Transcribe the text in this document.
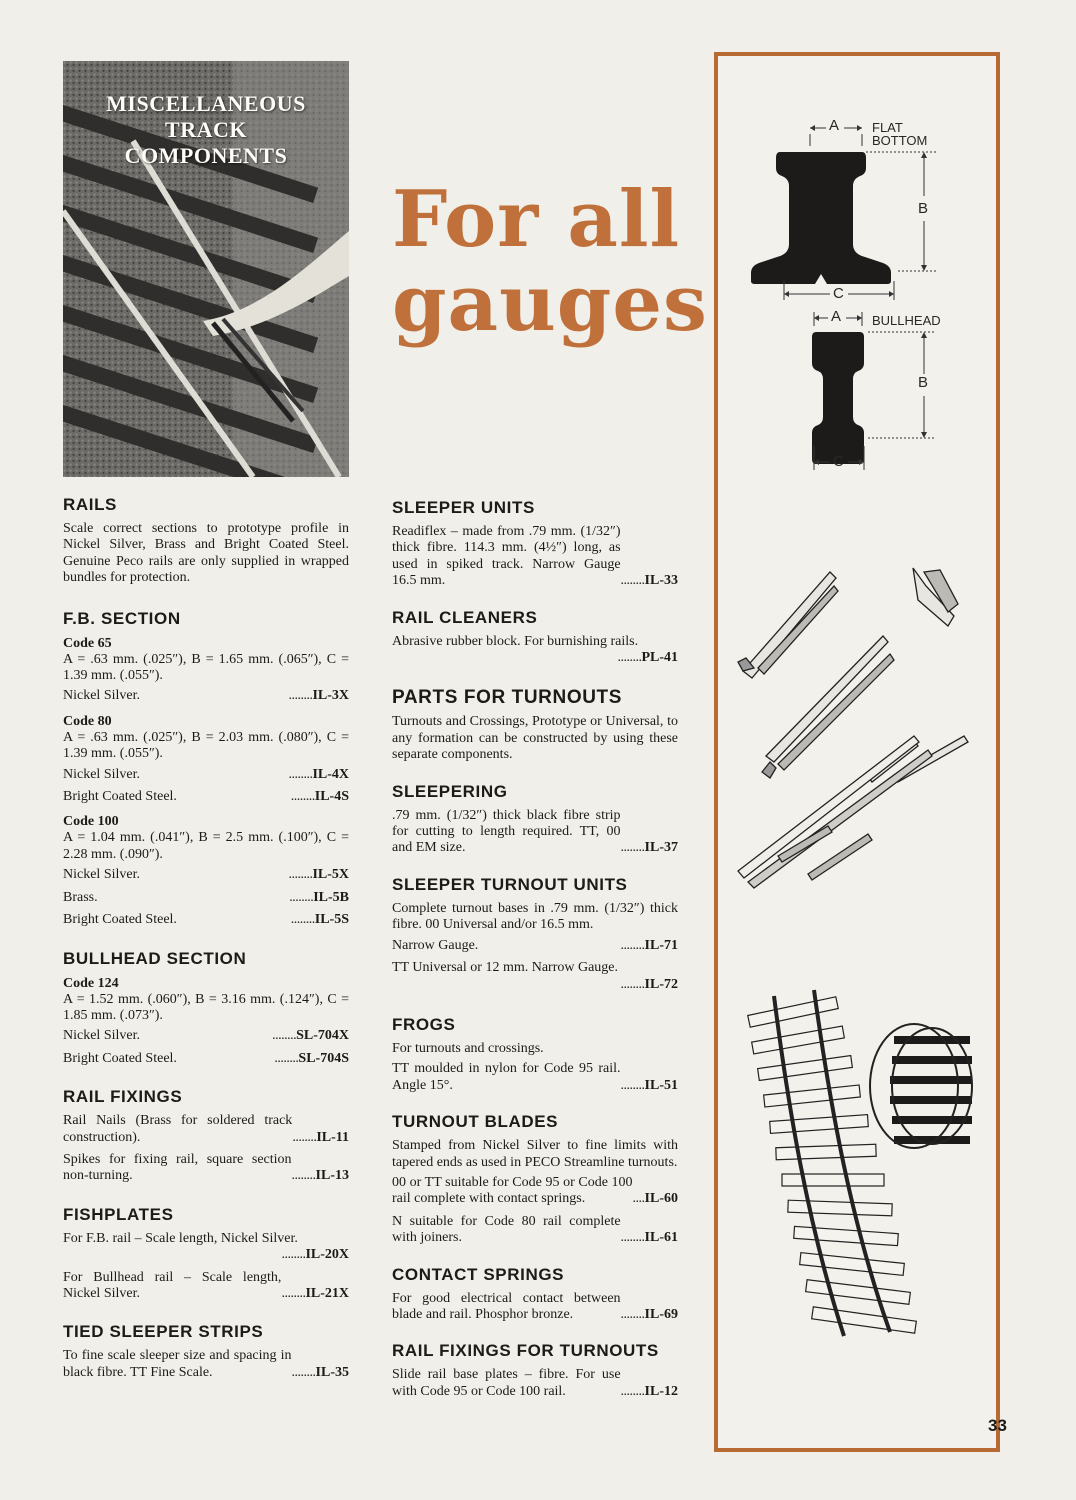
MISCELLANEOUS
TRACK
COMPONENTS
For all
gauges
RAILS

Scale correct sections to prototype profile in Nickel Silver, Brass and Bright Coated Steel. Genuine Peco rails are only supplied in wrapped bundles for protection.

F.B. SECTION
Code 65

A = .63 mm. (.025″), B = 1.65 mm. (.065″), C = 1.39 mm. (.055″).

Nickel Silver.	........IL-3X
Code 80

A = .63 mm. (.025″), B = 2.03 mm. (.080″), C = 1.39 mm. (.055″).

Nickel Silver.	........IL-4X
Bright Coated Steel.	........IL-4S
Code 100

A = 1.04 mm. (.041″), B = 2.5 mm. (.100″), C = 2.28 mm. (.090″).

Nickel Silver.	........IL-5X
Brass.	........IL-5B
Bright Coated Steel.	........IL-5S
BULLHEAD SECTION
Code 124

A = 1.52 mm. (.060″), B = 3.16 mm. (.124″), C = 1.85 mm. (.073″).

Nickel Silver.	........SL-704X
Bright Coated Steel.	........SL-704S
RAIL FIXINGS
Rail Nails (Brass for soldered track construction).	........IL-11
Spikes for fixing rail, square section non-turning.	........IL-13
FISHPLATES
For F.B. rail – Scale length, Nickel Silver.
........IL-20X
For Bullhead rail – Scale length, Nickel Silver.	........IL-21X
TIED SLEEPER STRIPS
To fine scale sleeper size and spacing in black fibre. TT Fine Scale.	........IL-35
SLEEPER UNITS
Readiflex – made from .79 mm. (1/32″) thick fibre. 114.3 mm. (4½″) long, as used in spiked track. Narrow Gauge 16.5 mm.	........IL-33
RAIL CLEANERS
Abrasive rubber block. For burnishing rails.
........PL-41
PARTS FOR TURNOUTS

Turnouts and Crossings, Prototype or Universal, to any formation can be constructed by using these separate components.

SLEEPERING
.79 mm. (1/32″) thick black fibre strip for cutting to length required. TT, 00 and EM size.	........IL-37
SLEEPER TURNOUT UNITS

Complete turnout bases in .79 mm. (1/32″) thick fibre. 00 Universal and/or 16.5 mm.

Narrow Gauge.	........IL-71
TT Universal or 12 mm. Narrow Gauge.
........IL-72
FROGS

For turnouts and crossings.

TT moulded in nylon for Code 95 rail. Angle 15°.	........IL-51
TURNOUT BLADES

Stamped from Nickel Silver to fine limits with tapered ends as used in PECO Streamline turnouts.

00 or TT suitable for Code 95 or Code 100 rail complete with contact springs.	....IL-60
N suitable for Code 80 rail complete with joiners.	........IL-61
CONTACT SPRINGS
For good electrical contact between blade and rail. Phosphor bronze.	........IL-69
RAIL FIXINGS FOR TURNOUTS
Slide rail base plates – fibre. For use with Code 95 or Code 100 rail.	........IL-12
FLAT
BOTTOM
A
B
C
BULLHEAD
A
B
C
33
